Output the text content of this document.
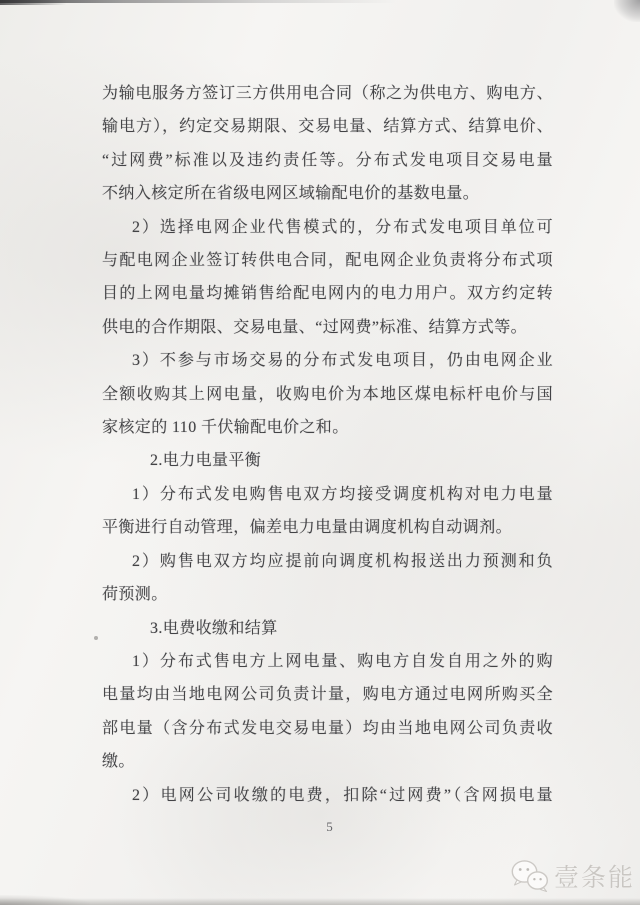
为输电服务方签订三方供用电合同（称之为供电方、购电方、
输电方），约定交易期限、交易电量、结算方式、结算电价、
“过网费”标准以及违约责任等。分布式发电项目交易电量
不纳入核定所在省级电网区域输配电价的基数电量。
2）选择电网企业代售模式的，分布式发电项目单位可
与配电网企业签订转供电合同，配电网企业负责将分布式项
目的上网电量均摊销售给配电网内的电力用户。双方约定转
供电的合作期限、交易电量、“过网费”标准、结算方式等。
3）不参与市场交易的分布式发电项目，仍由电网企业
全额收购其上网电量，收购电价为本地区煤电标杆电价与国
家核定的 110 千伏输配电价之和。
2.电力电量平衡
1）分布式发电购售电双方均接受调度机构对电力电量
平衡进行自动管理，偏差电力电量由调度机构自动调剂。
2）购售电双方均应提前向调度机构报送出力预测和负
荷预测。
3.电费收缴和结算
1）分布式售电方上网电量、购电方自发自用之外的购
电量均由当地电网公司负责计量，购电方通过电网所购买全
部电量（含分布式发电交易电量）均由当地电网公司负责收
缴。
2）电网公司收缴的电费，扣除“过网费”（含网损电量
5
壹条能
